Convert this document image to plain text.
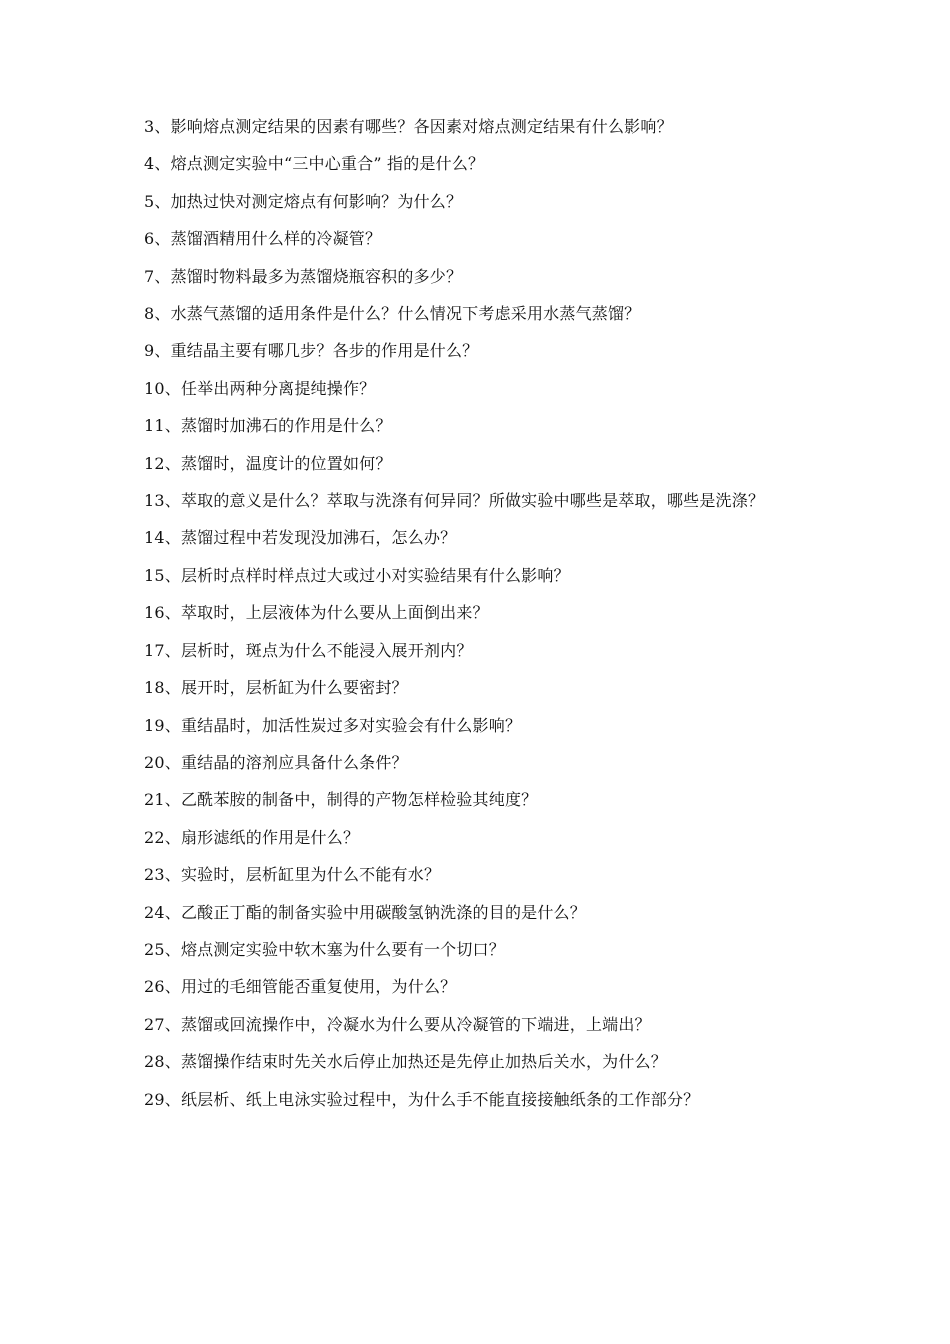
3、影响熔点测定结果的因素有哪些？各因素对熔点测定结果有什么影响？
4、熔点测定实验中“三中心重合” 指的是什么？
5、加热过快对测定熔点有何影响？为什么？
6、蒸馏酒精用什么样的冷凝管？
7、蒸馏时物料最多为蒸馏烧瓶容积的多少？
8、水蒸气蒸馏的适用条件是什么？什么情况下考虑采用水蒸气蒸馏？
9、重结晶主要有哪几步？各步的作用是什么？
10、任举出两种分离提纯操作？
11、蒸馏时加沸石的作用是什么？
12、蒸馏时，温度计的位置如何？
13、萃取的意义是什么？萃取与洗涤有何异同？所做实验中哪些是萃取，哪些是洗涤？
14、蒸馏过程中若发现没加沸石，怎么办？
15、层析时点样时样点过大或过小对实验结果有什么影响？
16、萃取时，上层液体为什么要从上面倒出来？
17、层析时，斑点为什么不能浸入展开剂内？
18、展开时，层析缸为什么要密封？
19、重结晶时，加活性炭过多对实验会有什么影响？
20、重结晶的溶剂应具备什么条件？
21、乙酰苯胺的制备中，制得的产物怎样检验其纯度？
22、扇形滤纸的作用是什么？
23、实验时，层析缸里为什么不能有水？
24、乙酸正丁酯的制备实验中用碳酸氢钠洗涤的目的是什么？
25、熔点测定实验中软木塞为什么要有一个切口？
26、用过的毛细管能否重复使用，为什么？
27、蒸馏或回流操作中，冷凝水为什么要从冷凝管的下端进，上端出？
28、蒸馏操作结束时先关水后停止加热还是先停止加热后关水，为什么？
29、纸层析、纸上电泳实验过程中，为什么手不能直接接触纸条的工作部分？
